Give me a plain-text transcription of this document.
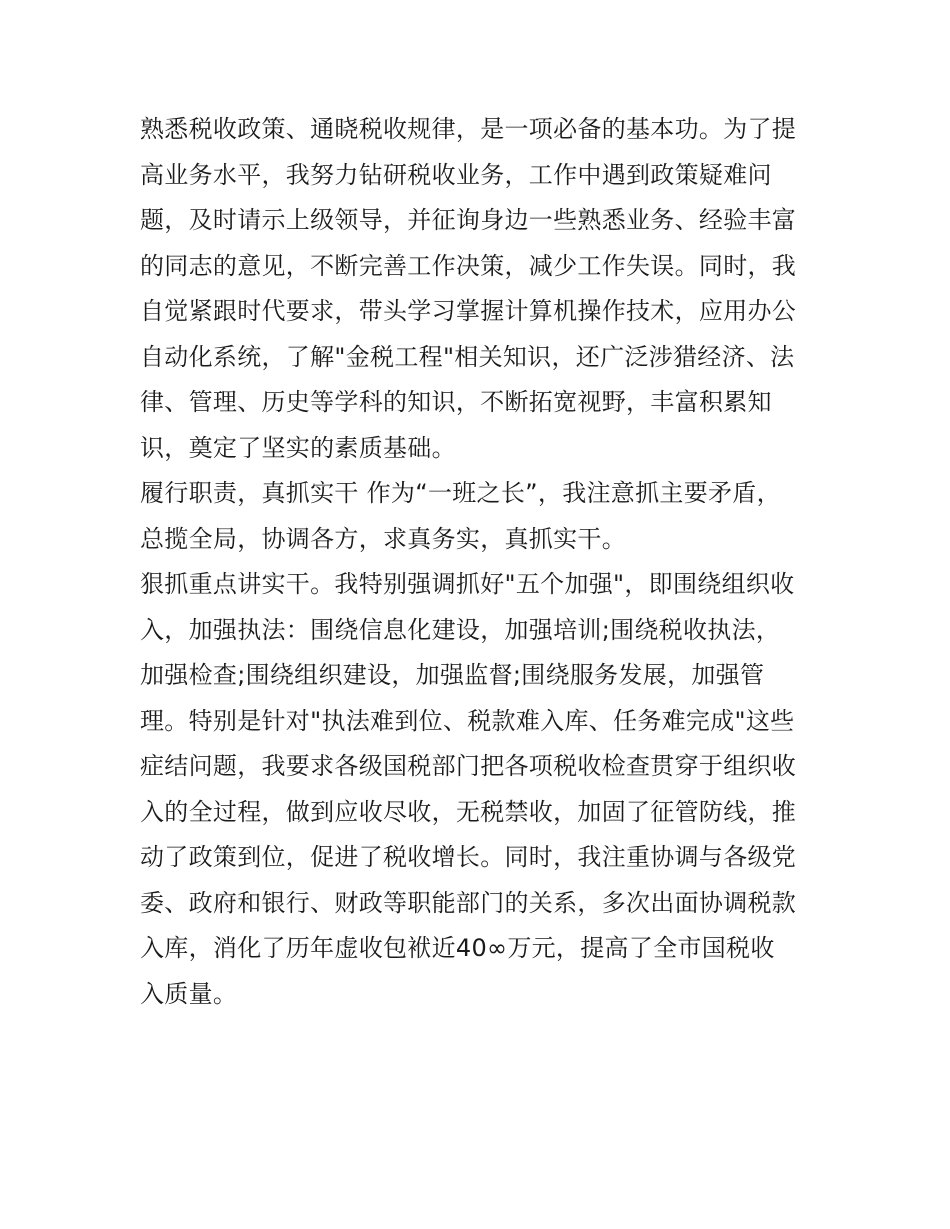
熟悉税收政策、通晓税收规律，是一项必备的基本功。为了提
高业务水平，我努力钻研税收业务，工作中遇到政策疑难问
题，及时请示上级领导，并征询身边一些熟悉业务、经验丰富
的同志的意见，不断完善工作决策，减少工作失误。同时，我
自觉紧跟时代要求，带头学习掌握计算机操作技术，应用办公
自动化系统，了解"金税工程"相关知识，还广泛涉猎经济、法
律、管理、历史等学科的知识，不断拓宽视野，丰富积累知
识，奠定了坚实的素质基础。
履行职责，真抓实干 作为“一班之长”，我注意抓主要矛盾，
总揽全局，协调各方，求真务实，真抓实干。
狠抓重点讲实干。我特别强调抓好"五个加强"，即围绕组织收
入，加强执法：围绕信息化建设，加强培训;围绕税收执法，
加强检查;围绕组织建设，加强监督;围绕服务发展，加强管
理。特别是针对"执法难到位、税款难入库、任务难完成"这些
症结问题，我要求各级国税部门把各项税收检查贯穿于组织收
入的全过程，做到应收尽收，无税禁收，加固了征管防线，推
动了政策到位，促进了税收增长。同时，我注重协调与各级党
委、政府和银行、财政等职能部门的关系，多次出面协调税款
入库，消化了历年虚收包袱近40∞万元，提高了全市国税收
入质量。
